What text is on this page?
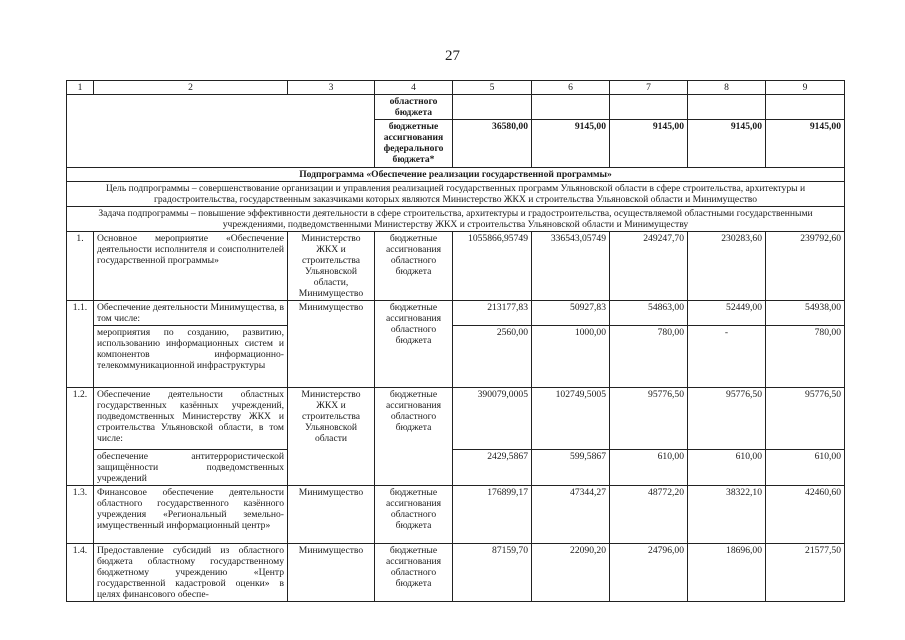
27
1	2	3	4	5	6	7	8	9
			областного бюджета					
			бюджетные ассигнования федерального бюджета*	36580,00	9145,00	9145,00	9145,00	9145,00
Подпрограмма «Обеспечение реализации государственной программы»								
Цель подпрограммы – совершенствование организации и управления реализацией государственных программ Ульяновской области в сфере строительства, архитектуры и градостроительства, государственным заказчиками которых являются Министерство ЖКХ и строительства Ульяновской области и Минимущество								
Задача подпрограммы – повышение эффективности деятельности в сфере строительства, архитектуры и градостроительства, осуществляемой областными государственными учреждениями, подведомственными Министерству ЖКХ и строительства Ульяновской области и Минимуществу								
1.	Основное мероприятие «Обеспечение деятельности исполнителя и соисполнителей государственной программы»	Министерство ЖКХ и строительства Ульяновской области, Минимущество	бюджетные ассигнования областного бюджета	1055866,95749	336543,05749	249247,70	230283,60	239792,60
1.1.	Обеспечение деятельности Минимущества, в том числе:	Минимущество	бюджетные ассигнования областного бюджета	213177,83	50927,83	54863,00	52449,00	54938,00
	мероприятия по созданию, развитию, использованию информационных систем и компонентов информационно-телекоммуникационной инфраструктуры			2560,00	1000,00	780,00	-	780,00
1.2.	Обеспечение деятельности областных государственных казённых учреждений, подведомственных Министерству ЖКХ и строительства Ульяновской области, в том числе:	Министерство ЖКХ и строительства Ульяновской области	бюджетные ассигнования областного бюджета	390079,0005	102749,5005	95776,50	95776,50	95776,50
	обеспечение антитеррористической защищённости подведомственных учреждений			2429,5867	599,5867	610,00	610,00	610,00
1.3.	Финансовое обеспечение деятельности областного государственного казённого учреждения «Региональный земельно-имущественный информационный центр»	Минимущество	бюджетные ассигнования областного бюджета	176899,17	47344,27	48772,20	38322,10	42460,60
1.4.	Предоставление субсидий из областного бюджета областному государственному бюджетному учреждению «Центр государственной кадастровой оценки» в целях финансового обеспе-	Минимущество	бюджетные ассигнования областного бюджета	87159,70	22090,20	24796,00	18696,00	21577,50
